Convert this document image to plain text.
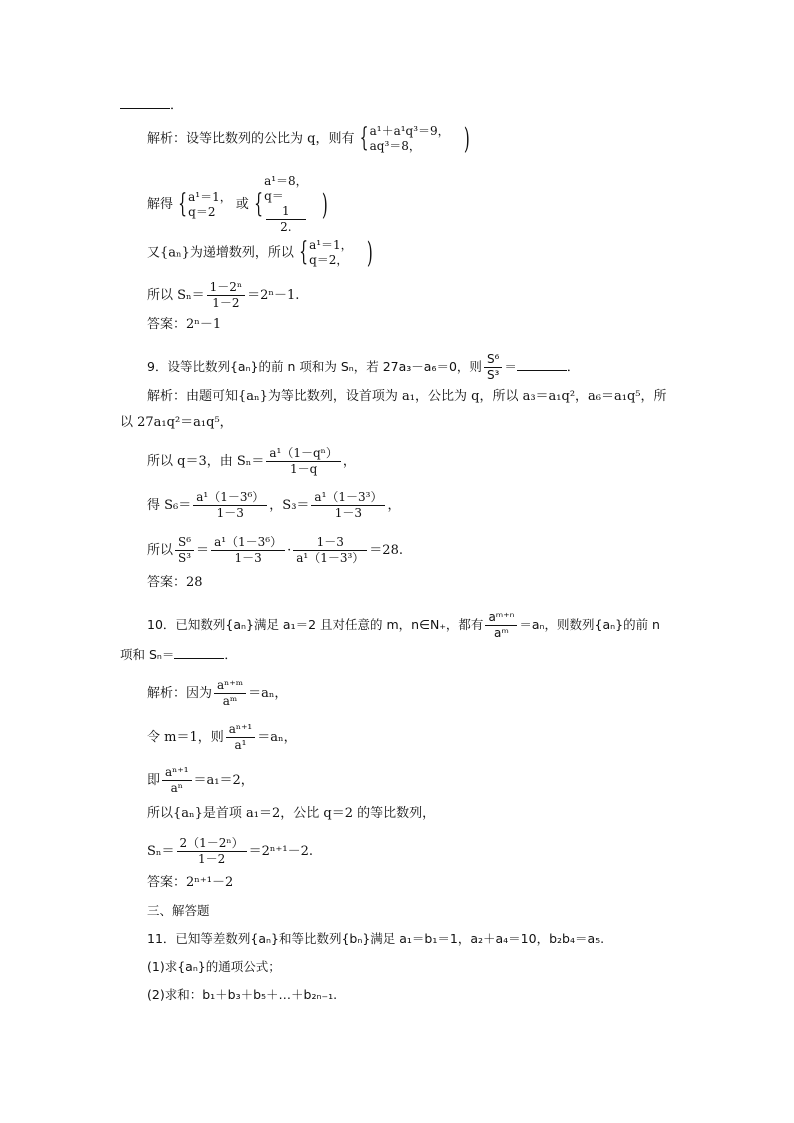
．
解析：设等比数列的公比为 q，则有
{ a¹＋a¹q³＝9，
aq³＝8，	)
解得
{ a¹＝1，
q＝2	或
{ a¹＝8，
q＝
1
2.
)
又{aₙ}为递增数列，所以
{ a¹＝1，
q＝2， )
所以 $S_n= \frac{\text{1－2ⁿ}}{1-2} =2^n-1$.
答案：2ⁿ－1
9．设等比数列{aₙ}的前 n 项和为 Sₙ，若 27a₃－a₆＝0，则 $\frac{\text{S⁶}}{\text{S³}}$ ＝	．
解析：由题可知{aₙ}为等比数列，设首项为 a₁，公比为 q，所以 a₃＝a₁q²，a₆＝a₁q⁵，所
以 27a₁q²＝a₁q⁵，
所以 q＝3，由 $S_n= \frac{\text{a¹（1－qⁿ）}}{1-q}$ ，
得 $S_6= \frac{\text{a¹（1－3⁶）}}{1-3}$ ，$S_3= \frac{\text{a¹（1－3³）}}{1-3}$ ，
所以 $\frac{\text{S⁶}}{\text{S³}} = \frac{\text{a¹（1－3⁶）}}{1-3} \cdot \frac{1-3}{\text{a¹（1－3³）}} =28$.
答案：28
10．已知数列{aₙ}满足 a₁＝2 且对任意的 m，n∈N₊，都有 $\frac{\text{aᵐ⁺ⁿ}}{\text{aᵐ}} =a_n$，则数列{aₙ}的前 n
项和 Sₙ＝	．
解析：因为 $\frac{\text{aⁿ⁺ᵐ}}{\text{aᵐ}} =a_n$，
令 m＝1，则 $\frac{\text{aⁿ⁺¹}}{\text{a¹}} =a_n$，
即 $\frac{\text{aⁿ⁺¹}}{\text{aⁿ}} =a_1=2$，
所以{aₙ}是首项 a₁＝2，公比 q＝2 的等比数列，
$S_n= \frac{\text{2（1－2ⁿ）}}{1-2} =2^{n+1}-2$.
答案：2ⁿ⁺¹－2
三、解答题
11．已知等差数列{aₙ}和等比数列{bₙ}满足 a₁＝b₁＝1，a₂＋a₄＝10，b₂b₄＝a₅.
(1)求{aₙ}的通项公式；
(2)求和：b₁＋b₃＋b₅＋…＋b₂ₙ₋₁.
